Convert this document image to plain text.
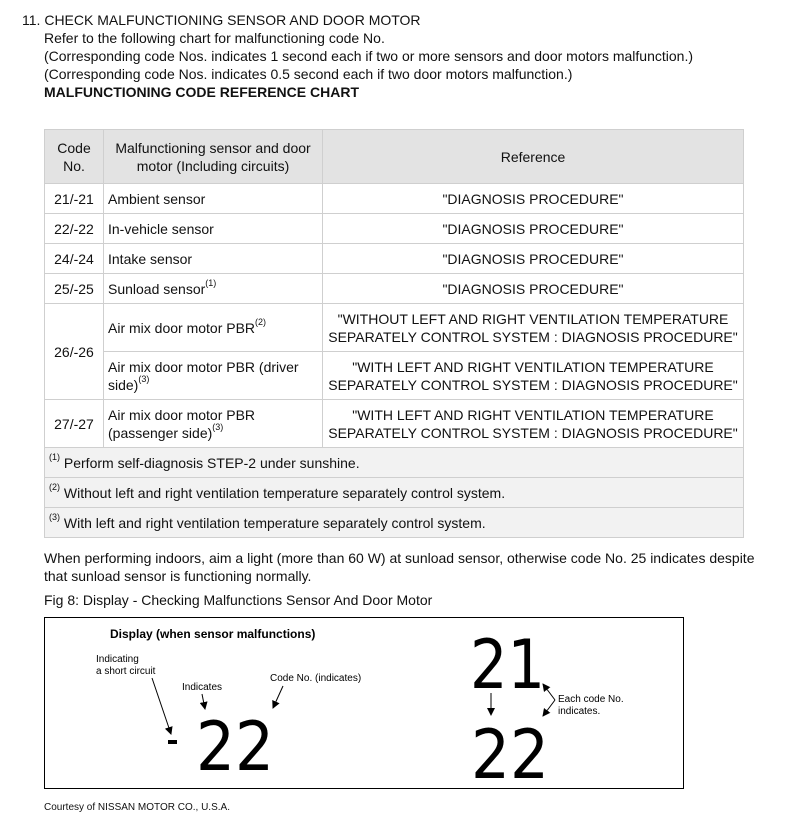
11. CHECK MALFUNCTIONING SENSOR AND DOOR MOTOR
Refer to the following chart for malfunctioning code No.
(Corresponding code Nos. indicates 1 second each if two or more sensors and door motors malfunction.)
(Corresponding code Nos. indicates 0.5 second each if two door motors malfunction.)
MALFUNCTIONING CODE REFERENCE CHART
Code No.	Malfunctioning sensor and door motor (Including circuits)	Reference
21/-21	Ambient sensor	"DIAGNOSIS PROCEDURE"
22/-22	In-vehicle sensor	"DIAGNOSIS PROCEDURE"
24/-24	Intake sensor	"DIAGNOSIS PROCEDURE"
25/-25	Sunload sensor$^{(1)}$	"DIAGNOSIS PROCEDURE"
26/-26	Air mix door motor PBR$^{(2)}$	"WITHOUT LEFT AND RIGHT VENTILATION TEMPERATURE SEPARATELY CONTROL SYSTEM : DIAGNOSIS PROCEDURE"
	Air mix door motor PBR (driver side)$^{(3)}$	"WITH LEFT AND RIGHT VENTILATION TEMPERATURE SEPARATELY CONTROL SYSTEM : DIAGNOSIS PROCEDURE"
27/-27	Air mix door motor PBR (passenger side)$^{(3)}$	"WITH LEFT AND RIGHT VENTILATION TEMPERATURE SEPARATELY CONTROL SYSTEM : DIAGNOSIS PROCEDURE"
$^{(1)}$ Perform self-diagnosis STEP-2 under sunshine.		
$^{(2)}$ Without left and right ventilation temperature separately control system.		
$^{(3)}$ With left and right ventilation temperature separately control system.		
When performing indoors, aim a light (more than 60 W) at sunload sensor, otherwise code No. 25 indicates despite that sunload sensor is functioning normally.
Fig 8: Display - Checking Malfunctions Sensor And Door Motor
Display (when sensor malfunctions)
Indicating
a short circuit
Indicates
Code No. (indicates)
22
21
22
Each code No.
indicates.
Courtesy of NISSAN MOTOR CO., U.S.A.
